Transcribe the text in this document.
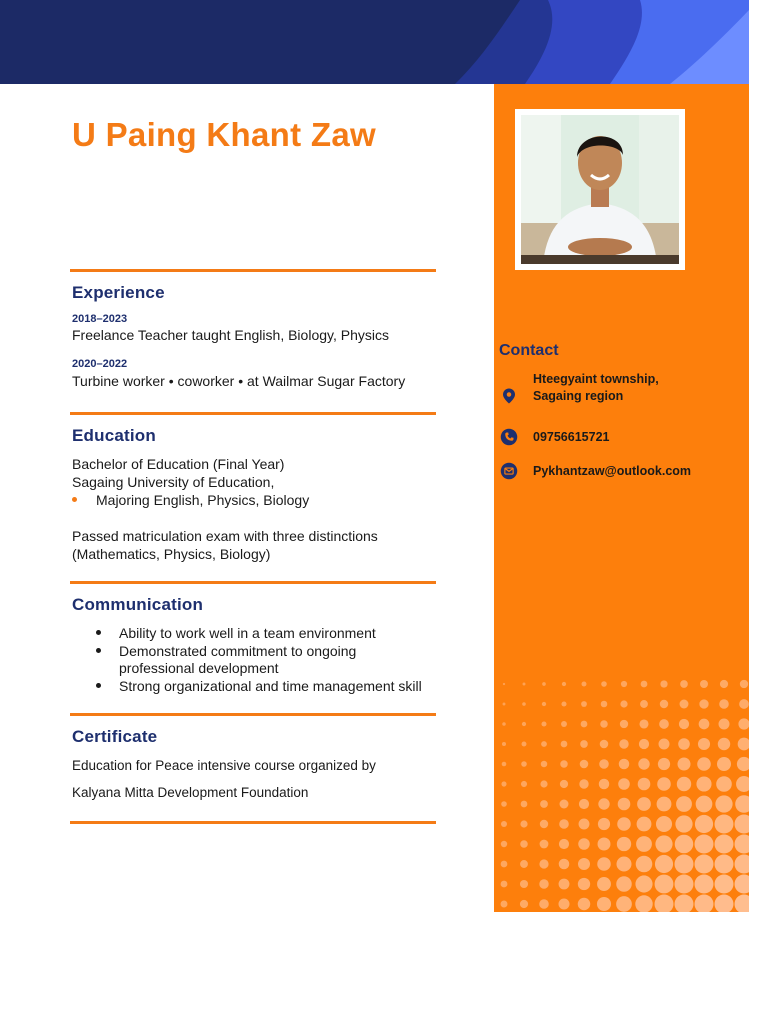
U Paing Khant Zaw
Experience
2018–2023
Freelance Teacher taught English, Biology, Physics
2020–2022
Turbine worker • coworker • at Wailmar Sugar Factory
Education
Bachelor of Education (Final Year)
Sagaing University of Education,
Majoring English, Physics, Biology
Passed matriculation exam with three distinctions
(Mathematics, Physics, Biology)
Communication
Ability to work well in a team environment
Demonstrated commitment to ongoing
professional development
Strong organizational and time management skill
Certificate
Education for Peace intensive course organized by
Kalyana Mitta Development Foundation
Contact
Hteegyaint township,
Sagaing region
09756615721
Pykhantzaw@outlook.com
